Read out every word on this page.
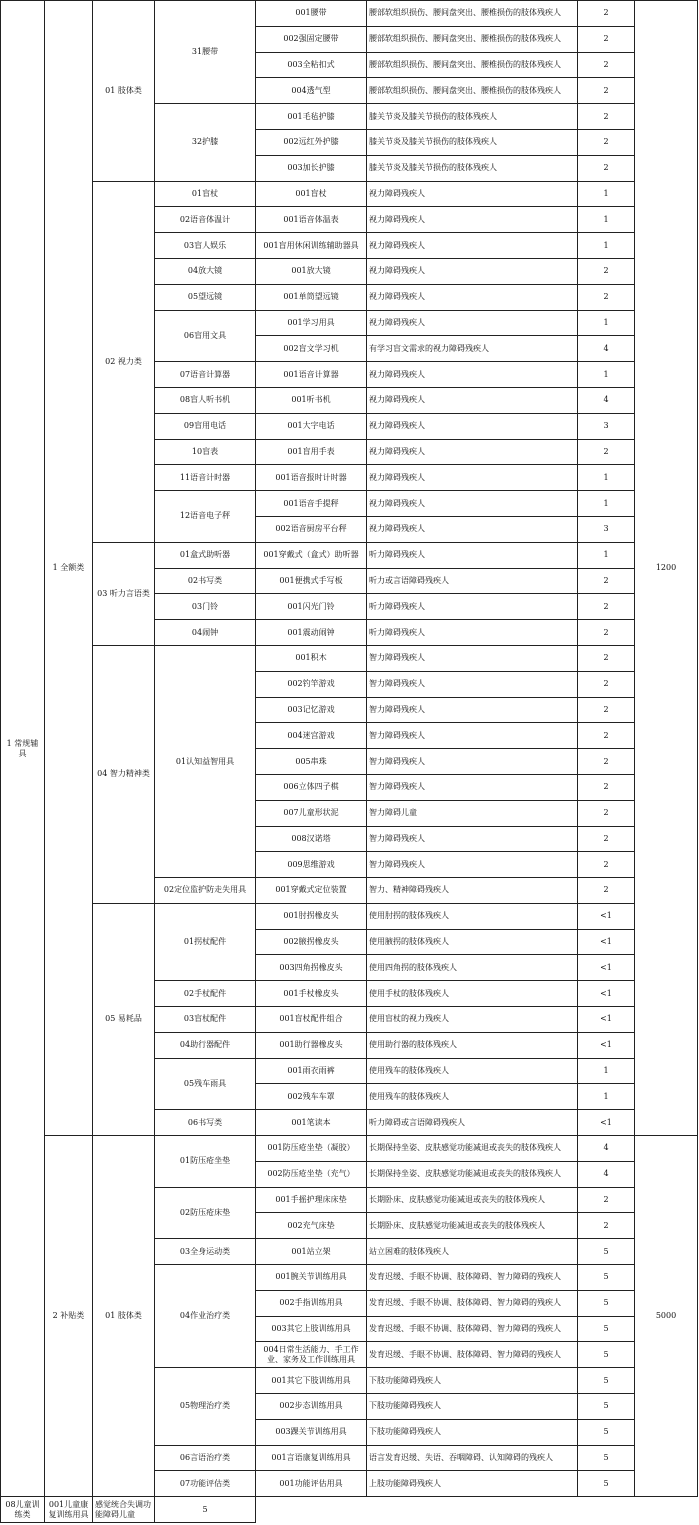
1 常规辅具	1 全额类	01 肢体类	31腰带	001腰带	腰部软组织损伤、腰间盘突出、腰椎损伤的肢体残疾人	2	1200
				002强固定腰带	腰部软组织损伤、腰间盘突出、腰椎损伤的肢体残疾人	2	
				003全粘扣式	腰部软组织损伤、腰间盘突出、腰椎损伤的肢体残疾人	2	
				004透气型	腰部软组织损伤、腰间盘突出、腰椎损伤的肢体残疾人	2	
			32护膝	001毛毡护膝	膝关节炎及膝关节损伤的肢体残疾人	2	
				002远红外护膝	膝关节炎及膝关节损伤的肢体残疾人	2	
				003加长护膝	膝关节炎及膝关节损伤的肢体残疾人	2	
		02 视力类	01盲杖	001盲杖	视力障碍残疾人	1	
			02语音体温计	001语音体温表	视力障碍残疾人	1	
			03盲人娱乐	001盲用休闲训练辅助器具	视力障碍残疾人	1	
			04放大镜	001放大镜	视力障碍残疾人	2	
			05望远镜	001单筒望远镜	视力障碍残疾人	2	
			06盲用文具	001学习用具	视力障碍残疾人	1	
				002盲文学习机	有学习盲文需求的视力障碍残疾人	4	
			07语音计算器	001语音计算器	视力障碍残疾人	1	
			08盲人听书机	001听书机	视力障碍残疾人	4	
			09盲用电话	001大字电话	视力障碍残疾人	3	
			10盲表	001盲用手表	视力障碍残疾人	2	
			11语音计时器	001语音报时计时器	视力障碍残疾人	1	
			12语音电子秤	001语音手提秤	视力障碍残疾人	1	
				002语音厨房平台秤	视力障碍残疾人	3	
		03 听力言语类	01盒式助听器	001穿戴式（盒式）助听器	听力障碍残疾人	1	
			02书写类	001便携式手写板	听力或言语障碍残疾人	2	
			03门铃	001闪光门铃	听力障碍残疾人	2	
			04闹钟	001震动闹钟	听力障碍残疾人	2	
		04 智力精神类	01认知益智用具	001积木	智力障碍残疾人	2	
				002钓竿游戏	智力障碍残疾人	2	
				003记忆游戏	智力障碍残疾人	2	
				004迷宫游戏	智力障碍残疾人	2	
				005串珠	智力障碍残疾人	2	
				006立体四子棋	智力障碍残疾人	2	
				007儿童形状泥	智力障碍儿童	2	
				008汉诺塔	智力障碍残疾人	2	
				009思维游戏	智力障碍残疾人	2	
			02定位监护防走失用具	001穿戴式定位装置	智力、精神障碍残疾人	2	
		05 易耗品	01拐杖配件	001肘拐橡皮头	使用肘拐的肢体残疾人	<1	
				002腋拐橡皮头	使用腋拐的肢体残疾人	<1	
				003四角拐橡皮头	使用四角拐的肢体残疾人	<1	
			02手杖配件	001手杖橡皮头	使用手杖的肢体残疾人	<1	
			03盲杖配件	001盲杖配件组合	使用盲杖的视力残疾人	<1	
			04助行器配件	001助行器橡皮头	使用助行器的肢体残疾人	<1	
			05残车雨具	001雨衣雨裤	使用残车的肢体残疾人	1	
				002残车车罩	使用残车的肢体残疾人	1	
			06书写类	001笔读本	听力障碍或言语障碍残疾人	<1	
	2 补贴类	01 肢体类	01防压疮坐垫	001防压疮坐垫（凝胶）	长期保持坐姿、皮肤感觉功能减退或丧失的肢体残疾人	4	5000
				002防压疮坐垫（充气）	长期保持坐姿、皮肤感觉功能减退或丧失的肢体残疾人	4	
			02防压疮床垫	001手摇护理床床垫	长期卧床、皮肤感觉功能减退或丧失的肢体残疾人	2	
				002充气床垫	长期卧床、皮肤感觉功能减退或丧失的肢体残疾人	2	
			03全身运动类	001站立架	站立困难的肢体残疾人	5	
			04作业治疗类	001腕关节训练用具	发育迟缓、手眼不协调、肢体障碍、智力障碍的残疾人	5	
				002手指训练用具	发育迟缓、手眼不协调、肢体障碍、智力障碍的残疾人	5	
				003其它上肢训练用具	发育迟缓、手眼不协调、肢体障碍、智力障碍的残疾人	5	
				004日常生活能力、手工作业、家务及工作训练用具	发育迟缓、手眼不协调、肢体障碍、智力障碍的残疾人	5	
			05物理治疗类	001其它下肢训练用具	下肢功能障碍残疾人	5	
				002步态训练用具	下肢功能障碍残疾人	5	
				003踝关节训练用具	下肢功能障碍残疾人	5	
			06言语治疗类	001言语康复训练用具	语言发育迟缓、失语、吞咽障碍、认知障碍的残疾人	5	
			07功能评估类	001功能评估用具	上肢功能障碍残疾人	5	
08儿童训练类	001儿童康复训练用具	感觉统合失调功能障碍儿童	5				
